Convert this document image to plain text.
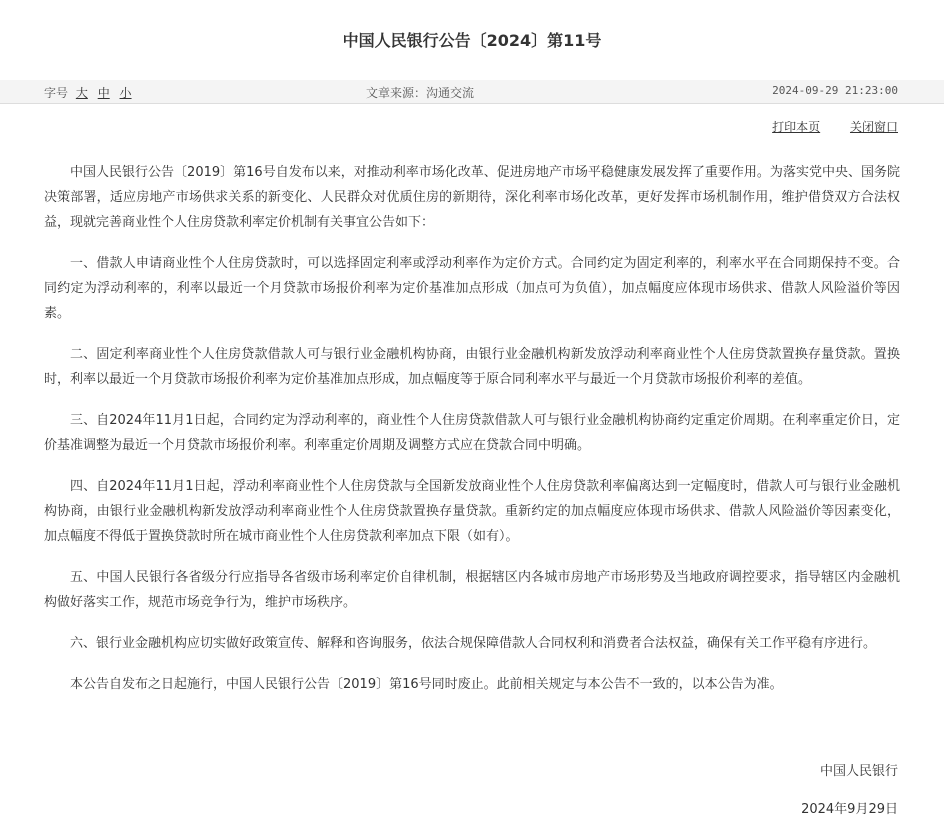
中国人民银行公告〔2024〕第11号
字号 大 中 小	文章来源：沟通交流	2024-09-29 21:23:00
打印本页 关闭窗口

中国人民银行公告〔2019〕第16号自发布以来，对推动利率市场化改革、促进房地产市场平稳健康发展发挥了重要作用。为落实党中央、国务院决策部署，适应房地产市场供求关系的新变化、人民群众对优质住房的新期待，深化利率市场化改革，更好发挥市场机制作用，维护借贷双方合法权益，现就完善商业性个人住房贷款利率定价机制有关事宜公告如下：

一、借款人申请商业性个人住房贷款时，可以选择固定利率或浮动利率作为定价方式。合同约定为固定利率的，利率水平在合同期保持不变。合同约定为浮动利率的，利率以最近一个月贷款市场报价利率为定价基准加点形成（加点可为负值），加点幅度应体现市场供求、借款人风险溢价等因素。

二、固定利率商业性个人住房贷款借款人可与银行业金融机构协商，由银行业金融机构新发放浮动利率商业性个人住房贷款置换存量贷款。置换时，利率以最近一个月贷款市场报价利率为定价基准加点形成，加点幅度等于原合同利率水平与最近一个月贷款市场报价利率的差值。

三、自2024年11月1日起，合同约定为浮动利率的，商业性个人住房贷款借款人可与银行业金融机构协商约定重定价周期。在利率重定价日，定价基准调整为最近一个月贷款市场报价利率。利率重定价周期及调整方式应在贷款合同中明确。

四、自2024年11月1日起，浮动利率商业性个人住房贷款与全国新发放商业性个人住房贷款利率偏离达到一定幅度时，借款人可与银行业金融机构协商，由银行业金融机构新发放浮动利率商业性个人住房贷款置换存量贷款。重新约定的加点幅度应体现市场供求、借款人风险溢价等因素变化，加点幅度不得低于置换贷款时所在城市商业性个人住房贷款利率加点下限（如有）。

五、中国人民银行各省级分行应指导各省级市场利率定价自律机制，根据辖区内各城市房地产市场形势及当地政府调控要求，指导辖区内金融机构做好落实工作，规范市场竞争行为，维护市场秩序。

六、银行业金融机构应切实做好政策宣传、解释和咨询服务，依法合规保障借款人合同权利和消费者合法权益，确保有关工作平稳有序进行。

本公告自发布之日起施行，中国人民银行公告〔2019〕第16号同时废止。此前相关规定与本公告不一致的，以本公告为准。

中国人民银行
2024年9月29日
